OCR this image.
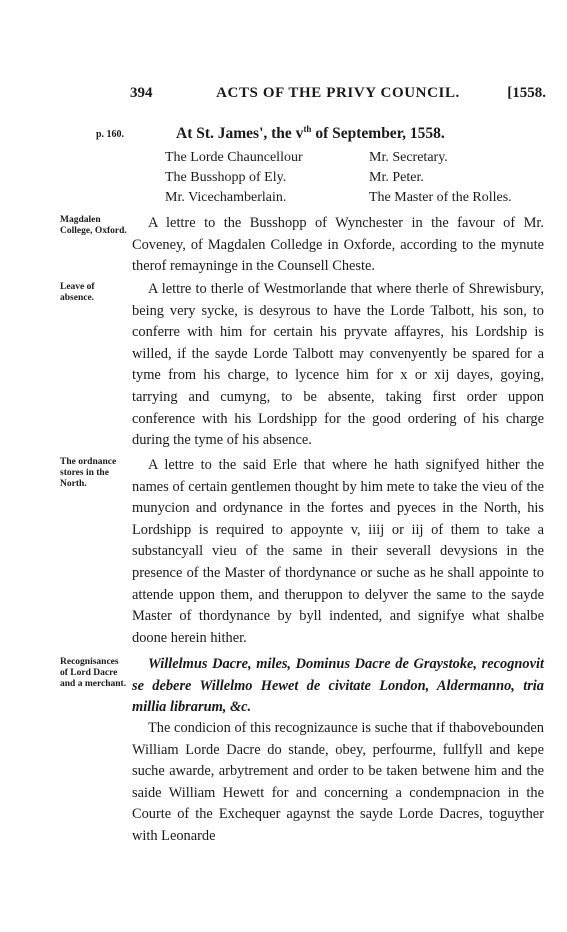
394	ACTS OF THE PRIVY COUNCIL.	[1558.
p. 160.	At St. James', the $v^{th}$ of September, 1558.
The Lorde Chauncellour	Mr. Secretary.
The Busshopp of Ely.	Mr. Peter.
Mr. Vicechamberlain.	The Master of the Rolles.
Magdalen College, Oxford.	A lettre to the Busshopp of Wynchester in the favour of Mr. Coveney, of Magdalen Colledge in Oxforde, according to the mynute therof remayninge in the Counsell Cheste.
Leave of absence.
A lettre to therle of Westmorlande that where therle of Shrewisbury, being very sycke, is desyrous to have the Lorde Talbott, his son, to conferre with him for certain his pryvate affayres, his Lordship is willed, if the sayde Lorde Talbott may convenyently be spared for a tyme from his charge, to lycence him for x or xij dayes, goying, tarrying and cumyng, to be absente, taking first order uppon conference with his Lordshipp for the good ordering of his charge during the tyme of his absence.
The ordnance stores in the North.
A lettre to the said Erle that where he hath signifyed hither the names of certain gentlemen thought by him mete to take the vieu of the munycion and ordynance in the fortes and pyeces in the North, his Lordshipp is required to appoynte v, iiij or iij of them to take a substancyall vieu of the same in their severall devysions in the presence of the Master of thordynance or suche as he shall appointe to attende uppon them, and theruppon to delyver the same to the sayde Master of thordynance by byll indented, and signifye what shalbe doone herein hither.
Recognisances of Lord Dacre and a merchant.
Willelmus Dacre, miles, Dominus Dacre de Graystoke, recognovit se debere Willelmo Hewet de civitate London, Aldermanno, tria millia librarum, &c.
The condicion of this recognizaunce is suche that if thabovebounden William Lorde Dacre do stande, obey, perfourme, fullfyll and kepe suche awarde, arbytrement and order to be taken betwene him and the saide William Hewett for and concerning a condempnacion in the Courte of the Exchequer agaynst the sayde Lorde Dacres, toguyther with Leonarde
